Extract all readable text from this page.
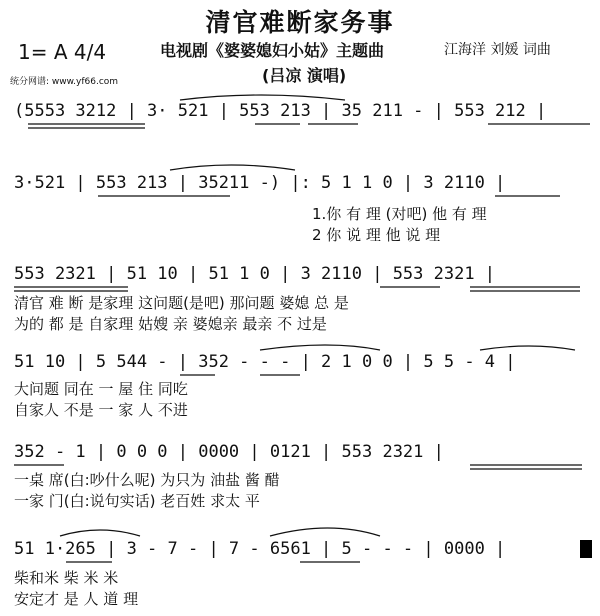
清官难断家务事
1= A 4/4	电视剧《婆婆媳妇小姑》主题曲	江海洋 刘媛 词曲
统分网谱: www.yf66.com	(吕凉 演唱)
(5553 3212 | 3· 521 | 553 213 | 35 211 - | 553 212 |
3·521 | 553 213 | 35211 -) |: 5 1 1 0 | 3 2110 |
1.你 有 理 (对吧) 他 有 理
2 你 说 理 他 说 理
553 2321 | 51 10 | 51 1 0 | 3 2110 | 553 2321 |
清官 难 断 是家理 这问题(是吧) 那问题 婆媳 总 是
为的 都 是 自家理 姑嫂 亲 婆媳亲 最亲 不 过是
51 10 | 5 544 - | 352 - - - | 2 1 0 0 | 5 5 - 4 |
大问题 同在 一 屋 住 同吃
自家人 不是 一 家 人 不进
352 - 1 | 0 0 0 | 0000 | 0121 | 553 2321 |
一桌 席(白:吵什么呢) 为只为 油盐 酱 醋
一家 门(白:说句实话) 老百姓 求太 平
51 1·265 | 3 - 7 - | 7 - 6561 | 5 - - - | 0000 |
柴和米 柴 米 米
安定才 是 人 道 理
